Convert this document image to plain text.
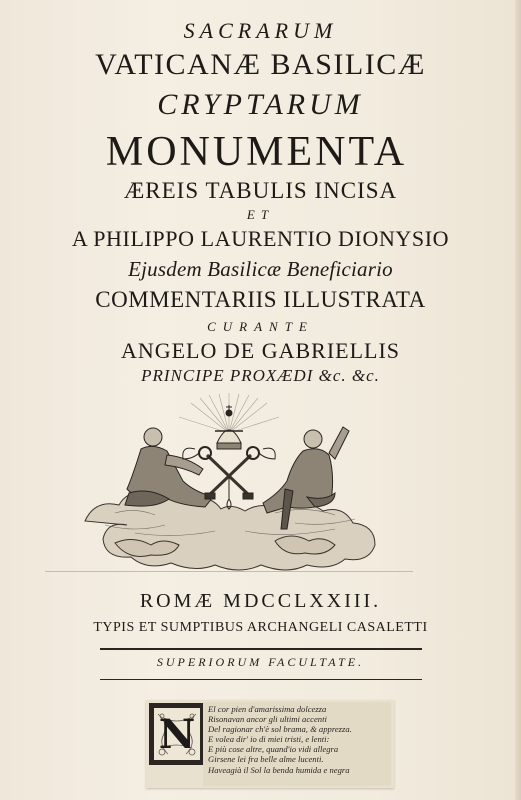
SACRARUM
VATICANÆ BASILICÆ
CRYPTARUM
MONUMENTA
ÆREIS TABULIS INCISA
ET
A PHILIPPO LAURENTIO DIONYSIO
Ejusdem Basilicæ Beneficiario
COMMENTARIIS ILLUSTRATA
CURANTE
ANGELO DE GABRIELLIS
PRINCIPE PROXÆDI &c. &c.
ROMÆ MDCCLXXIII.
TYPIS ET SUMPTIBUS ARCHANGELI CASALETTI
SUPERIORUM FACULTATE.
N
El cor pien d'amarissima dolcezza
Risonavan ancor gli ultimi accenti
Del ragionar ch'è sol brama, & apprezza.
E volea dir' io di miei tristi, e lenti:
E più cose altre, quand'io vidi allegra
Girsene lei fra belle alme lucenti.
Haveagià il Sol la benda humida e negra
